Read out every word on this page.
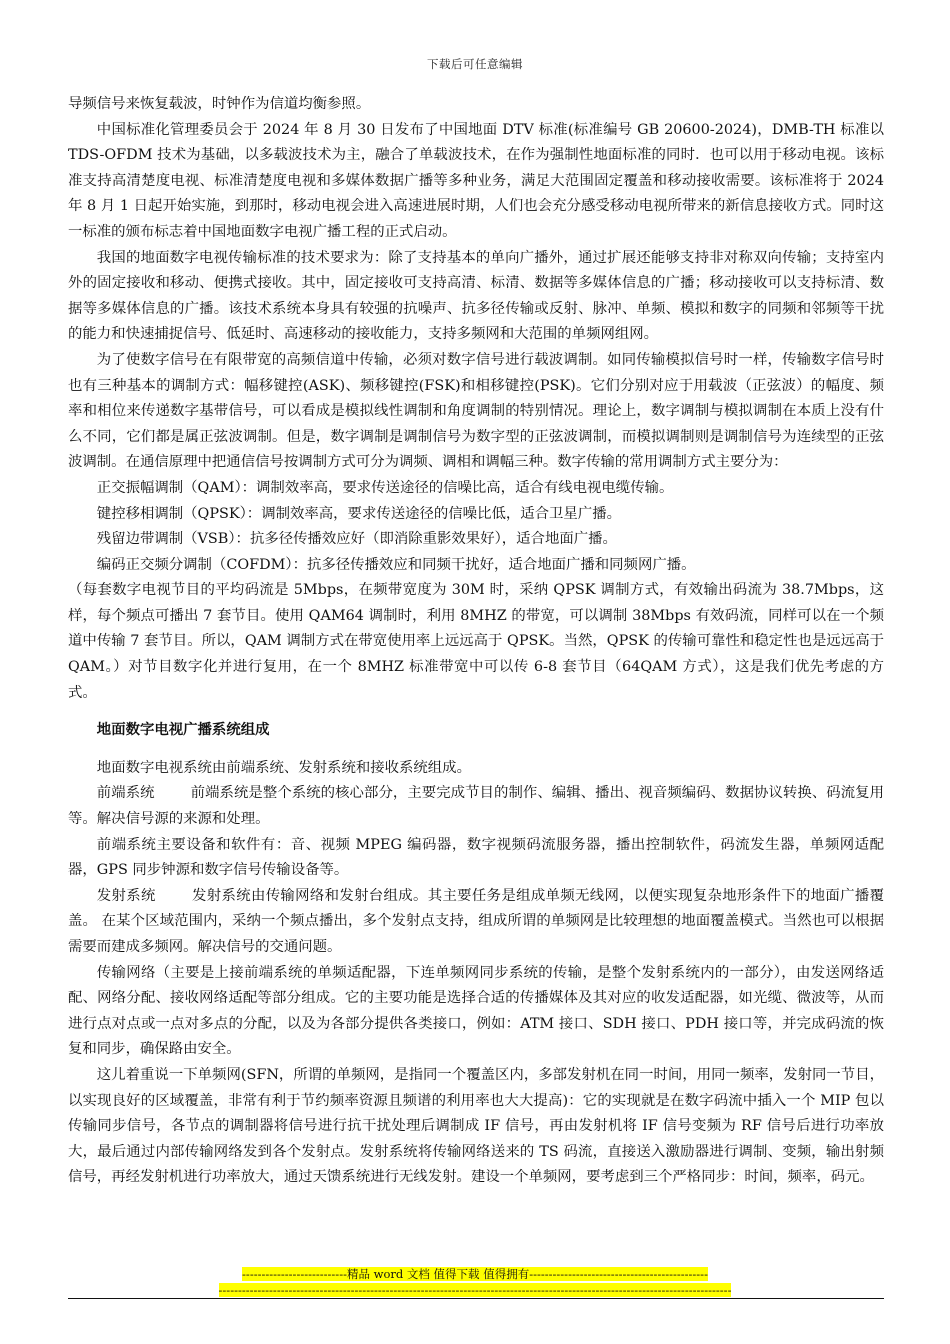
下载后可任意编辑

导频信号来恢复载波，时钟作为信道均衡参照。

中国标准化管理委员会于 2024 年 8 月 30 日发布了中国地面 DTV 标准(标准编号 GB 20600-2024)，DMB-TH 标准以 TDS-OFDM 技术为基础，以多载波技术为主，融合了单载波技术，在作为强制性地面标准的同时．也可以用于移动电视。该标准支持高清楚度电视、标准清楚度电视和多媒体数据广播等多种业务，满足大范围固定覆盖和移动接收需要。该标准将于 2024 年 8 月 1 日起开始实施，到那时，移动电视会进入高速进展时期，人们也会充分感受移动电视所带来的新信息接收方式。同时这一标准的颁布标志着中国地面数字电视广播工程的正式启动。

我国的地面数字电视传输标准的技术要求为：除了支持基本的单向广播外，通过扩展还能够支持非对称双向传输；支持室内外的固定接收和移动、便携式接收。其中，固定接收可支持高清、标清、数据等多媒体信息的广播；移动接收可以支持标清、数据等多媒体信息的广播。该技术系统本身具有较强的抗噪声、抗多径传输或反射、脉冲、单频、模拟和数字的同频和邻频等干扰的能力和快速捕捉信号、低延时、高速移动的接收能力，支持多频网和大范围的单频网组网。

为了使数字信号在有限带宽的高频信道中传输，必须对数字信号进行载波调制。如同传输模拟信号时一样，传输数字信号时也有三种基本的调制方式：幅移键控(ASK)、频移键控(FSK)和相移键控(PSK)。它们分别对应于用载波（正弦波）的幅度、频率和相位来传递数字基带信号，可以看成是模拟线性调制和角度调制的特别情况。理论上，数字调制与模拟调制在本质上没有什么不同，它们都是属正弦波调制。但是，数字调制是调制信号为数字型的正弦波调制，而模拟调制则是调制信号为连续型的正弦波调制。在通信原理中把通信信号按调制方式可分为调频、调相和调幅三种。数字传输的常用调制方式主要分为：

正交振幅调制（QAM）：调制效率高，要求传送途径的信噪比高，适合有线电视电缆传输。

键控移相调制（QPSK）：调制效率高，要求传送途径的信噪比低，适合卫星广播。

残留边带调制（VSB）：抗多径传播效应好（即消除重影效果好），适合地面广播。

编码正交频分调制（COFDM）：抗多径传播效应和同频干扰好，适合地面广播和同频网广播。

（每套数字电视节目的平均码流是 5Mbps，在频带宽度为 30M 时，采纳 QPSK 调制方式，有效输出码流为 38.7Mbps，这样，每个频点可播出 7 套节目。使用 QAM64 调制时，利用 8MHZ 的带宽，可以调制 38Mbps 有效码流，同样可以在一个频道中传输 7 套节目。所以，QAM 调制方式在带宽使用率上远远高于 QPSK。当然，QPSK 的传输可靠性和稳定性也是远远高于 QAM。）对节目数字化并进行复用，在一个 8MHZ 标准带宽中可以传 6-8 套节目（64QAM 方式），这是我们优先考虑的方式。

地面数字电视广播系统组成

地面数字电视系统由前端系统、发射系统和接收系统组成。

前端系统	前端系统是整个系统的核心部分，主要完成节目的制作、编辑、播出、视音频编码、数据协议转换、码流复用等。解决信号源的来源和处理。

前端系统主要设备和软件有：音、视频 MPEG 编码器，数字视频码流服务器，播出控制软件，码流发生器，单频网适配器，GPS 同步钟源和数字信号传输设备等。

发射系统	发射系统由传输网络和发射台组成。其主要任务是组成单频无线网，以便实现复杂地形条件下的地面广播覆盖。 在某个区域范围内，采纳一个频点播出，多个发射点支持，组成所谓的单频网是比较理想的地面覆盖模式。当然也可以根据需要而建成多频网。解决信号的交通问题。

传输网络（主要是上接前端系统的单频适配器，下连单频网同步系统的传输，是整个发射系统内的一部分），由发送网络适配、网络分配、接收网络适配等部分组成。它的主要功能是选择合适的传播媒体及其对应的收发适配器，如光缆、微波等，从而进行点对点或一点对多点的分配，以及为各部分提供各类接口，例如：ATM 接口、SDH 接口、PDH 接口等，并完成码流的恢复和同步，确保路由安全。

这儿着重说一下单频网(SFN，所谓的单频网，是指同一个覆盖区内，多部发射机在同一时间，用同一频率，发射同一节目，以实现良好的区域覆盖，非常有利于节约频率资源且频谱的利用率也大大提高)：它的实现就是在数字码流中插入一个 MIP 包以传输同步信号，各节点的调制器将信号进行抗干扰处理后调制成 IF 信号，再由发射机将 IF 信号变频为 RF 信号后进行功率放大，最后通过内部传输网络发到各个发射点。发射系统将传输网络送来的 TS 码流，直接送入激励器进行调制、变频，输出射频信号，再经发射机进行功率放大，通过天馈系统进行无线发射。建设一个单频网，要考虑到三个严格同步：时间，频率，码元。

---------------------------精品 word 文档 值得下载 值得拥有----------------------------------------------
------------------------------------------------------------------------------------------------------------------------------------
